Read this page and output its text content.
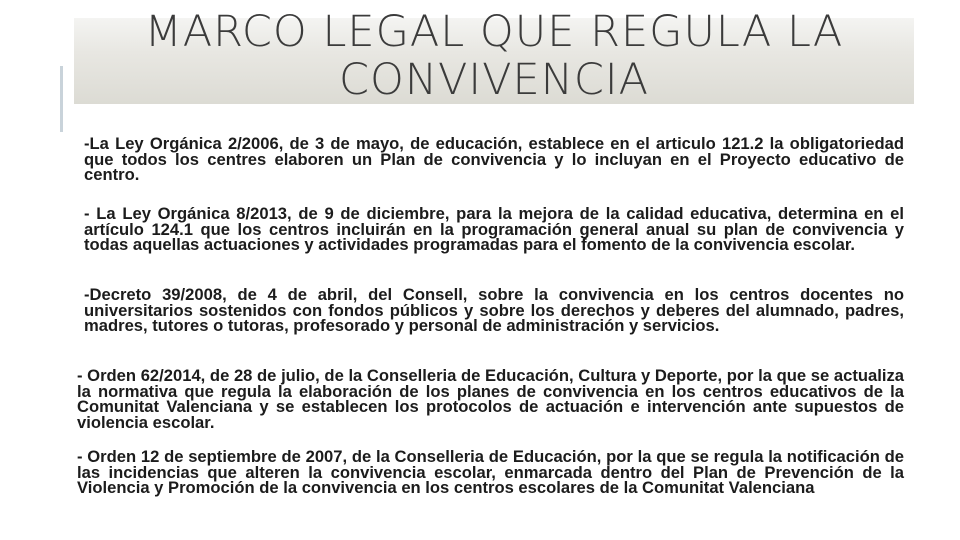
MARCO LEGAL QUE REGULA LA
CONVIVENCIA

-La Ley Orgánica 2/2006, de 3 de mayo, de educación, establece en el articulo 121.2 la obligatoriedad que todos los centres elaboren un Plan de convivencia y lo incluyan en el Proyecto educativo de centro.

- La Ley Orgánica 8/2013, de 9 de diciembre, para la mejora de la calidad educativa, determina en el artículo 124.1 que los centros incluirán en la programación general anual su plan de convivencia y todas aquellas actuaciones y actividades programadas para el fomento de la convivencia escolar.

-Decreto 39/2008, de 4 de abril, del Consell, sobre la convivencia en los centros docentes no universitarios sostenidos con fondos públicos y sobre los derechos y deberes del alumnado, padres, madres, tutores o tutoras, profesorado y personal de administración y servicios.

- Orden 62/2014, de 28 de julio, de la Conselleria de Educación, Cultura y Deporte, por la que se actualiza la normativa que regula la elaboración de los planes de convivencia en los centros educativos de la Comunitat Valenciana y se establecen los protocolos de actuación e intervención ante supuestos de violencia escolar.

- Orden 12 de septiembre de 2007, de la Conselleria de Educación, por la que se regula la notificación de las incidencias que alteren la convivencia escolar, enmarcada dentro del Plan de Prevención de la Violencia y Promoción de la convivencia en los centros escolares de la Comunitat Valenciana
